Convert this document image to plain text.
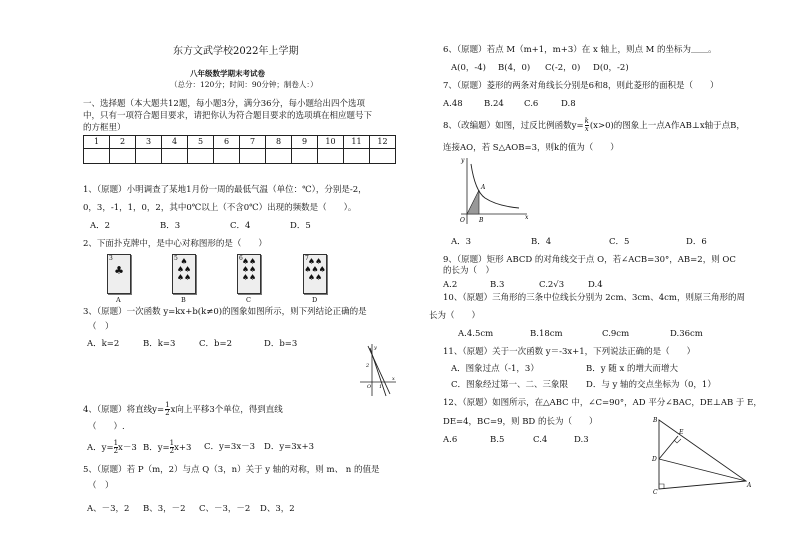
东方文武学校2022年上学期
八年级数学期末考试卷
（总分：120分；时间：90分钟；制卷人：）
一、选择题（本大题共12题，每小题3分，满分36分，每小题给出四个选项
中，只有一项符合题目要求，请把你认为符合题目要求的选项填在相应题号下
的方框里）
1	2	3	4	5	6	7	8	9	10	11	12

1、（原题）小明调查了某地1月份一周的最低气温（单位：℃），分别是-2，
0，3，-1，1，0，2，其中0℃以上（不含0℃）出现的频数是（　　）。
A．2	B．3	C．4	D．5
2、下面扑克牌中，是中心对称图形的是（　　）
3
♣
A
5 ♠
♠♠
♠♠
B
6 ♠♠
♠♠
♠♠
C
7 ♠♠
♠♠♠
♠♠
D
3、（原题）一次函数 y=kx+b(k≠0)的图象如图所示，则下列结论正确的是
（　）
A．k=2	B．k=3	C．b=2	D．b=3	y
x
O 1
2
4、（原题）将直线$y= \frac{1}{2}$ x向上平移3个单位，得到直线
（　　）.
A．$y= \frac{1}{2} x-3$ B．$y= \frac{1}{2} x+3$ C．y=3x－3 D．y=3x+3
5、（原题）若 P（m，2）与点 Q（3，n）关于 y 轴的对称，则 m、 n 的值是
（　）
A、－3，2 B、3，－2 C、－3，－2 D、3，2
6、（原题）若点 M（m+1，m+3）在 x 轴上，则点 M 的坐标为＿＿。
A(0，-4) B(4，0) C(-2，0) D(0，-2)
7、（原题）菱形的两条对角线长分别是6和8，则此菱形的面积是（　　）
A.48	B.24 C.6	D.8
8、（改编题）如图，过反比例函数$y= \frac{k}{x} (x>0)$的图象上一点A作AB⊥x轴于点B，
连接AO，若 S△AOB=3，则k的值为（　　）
y
x
O
A
B
A．3	B．4	C．5	D．6
9、（原题）矩形 ABCD 的对角线交于点 O，若∠ACB=30°，AB=2，则 OC
的长为（　）
A.2	B.3	C.2√3	D.4
10、（原题）三角形的三条中位线长分别为 2cm、3cm、4cm，则原三角形的周
长为（　　）
A.4.5cm	B.18cm	C.9cm	D.36cm
11、（原题）关于一次函数 y＝-3x+1，下列说法正确的是（　　）
A．图象过点（-1，3）	B．y 随 x 的增大而增大
C．图象经过第一、二、三象限 D．与 y 轴的交点坐标为（0，1）
12、（原题）如图所示，在△ABC 中，∠C=90°，AD 平分∠BAC，DE⊥AB 于 E，
DE=4，BC=9，则 BD 的长为（　　）
A.6	B.5	C.4	D.3
B
E
D
C
A
